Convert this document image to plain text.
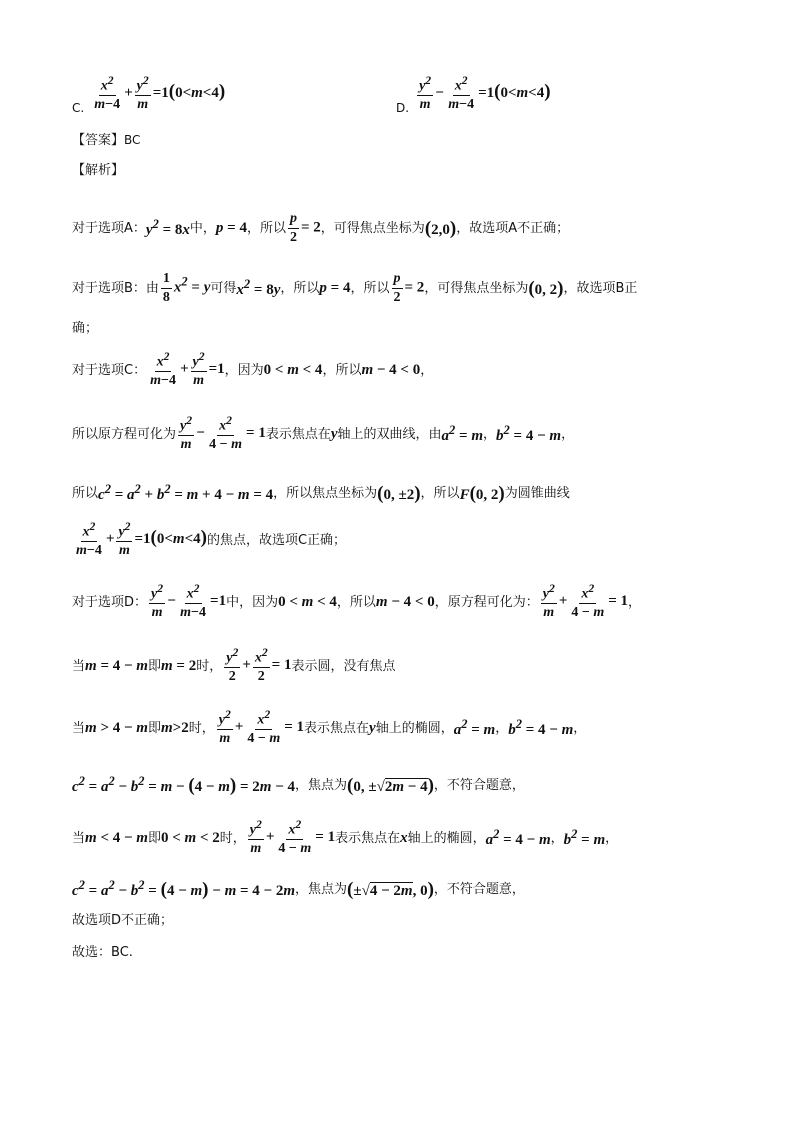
C. $\frac{x^2}{m-4} + \frac{y^2}{m} =1(0<m<4)$
D. $\frac{y^2}{m} - \frac{x^2}{m-4} =1(0<m<4)$
【答案】 BC
【解析】
对于选项A： $y^2 = 8x$ 中， p = 4 ，所以 $\frac{p}{2} = 2$ ，可得焦点坐标为 (2,0) ，故选项A不正确；
对于选项B：由 $\frac{1}{8} x^2 = y$ 可得 $x^2 = 8y$ ，所以 p = 4 ，所以 $\frac{p}{2} = 2$ ，可得焦点坐标为 (0, 2) ，故选项B正
确；
对于选项C： $\frac{x^2}{m-4} + \frac{y^2}{m} =1$ ，因为 0 < m < 4 ，所以 m − 4 < 0 ，
所以原方程可化为 $\frac{y^2}{m} - \frac{x^2}{4 - m} = 1$ 表示焦点在 y 轴上的双曲线，由 $a^2 = m$ ， $b^2 = 4 - m$ ，
所以 $c^2 = a^2 + b^2 = m + 4 - m = 4$ ，所以焦点坐标为 (0, ±2) ，所以 F(0, 2) 为圆锥曲线
$\frac{x^2}{m-4} + \frac{y^2}{m} =1(0<m<4)$ 的焦点，故选项C正确；
对于选项D： $\frac{y^2}{m} - \frac{x^2}{m-4} =1$ 中，因为 0 < m < 4 ，所以 m − 4 < 0 ，原方程可化为： $\frac{y^2}{m} + \frac{x^2}{4 - m} = 1$ ，
当 m = 4 − m 即 m = 2 时， $\frac{y^2}{2} + \frac{x^2}{2} = 1$ 表示圆，没有焦点
当 m > 4 − m 即 m>2 时， $\frac{y^2}{m} + \frac{x^2}{4 - m} = 1$ 表示焦点在 y 轴上的椭圆， $a^2 = m$ ， $b^2 = 4 - m$ ，
$c^2 = a^2 - b^2 = m - (4 - m) = 2m - 4$ ，焦点为 (0, ±√2m − 4) ，不符合题意，
当 m < 4 − m 即 0 < m < 2 时， $\frac{y^2}{m} + \frac{x^2}{4 - m} = 1$ 表示焦点在 x 轴上的椭圆， $a^2 = 4 - m$ ， $b^2 = m$ ，
$c^2 = a^2 - b^2 = (4 - m) - m = 4 - 2m$ ，焦点为 (±√4 − 2m, 0) ，不符合题意，
故选项D不正确；
故选：BC.
